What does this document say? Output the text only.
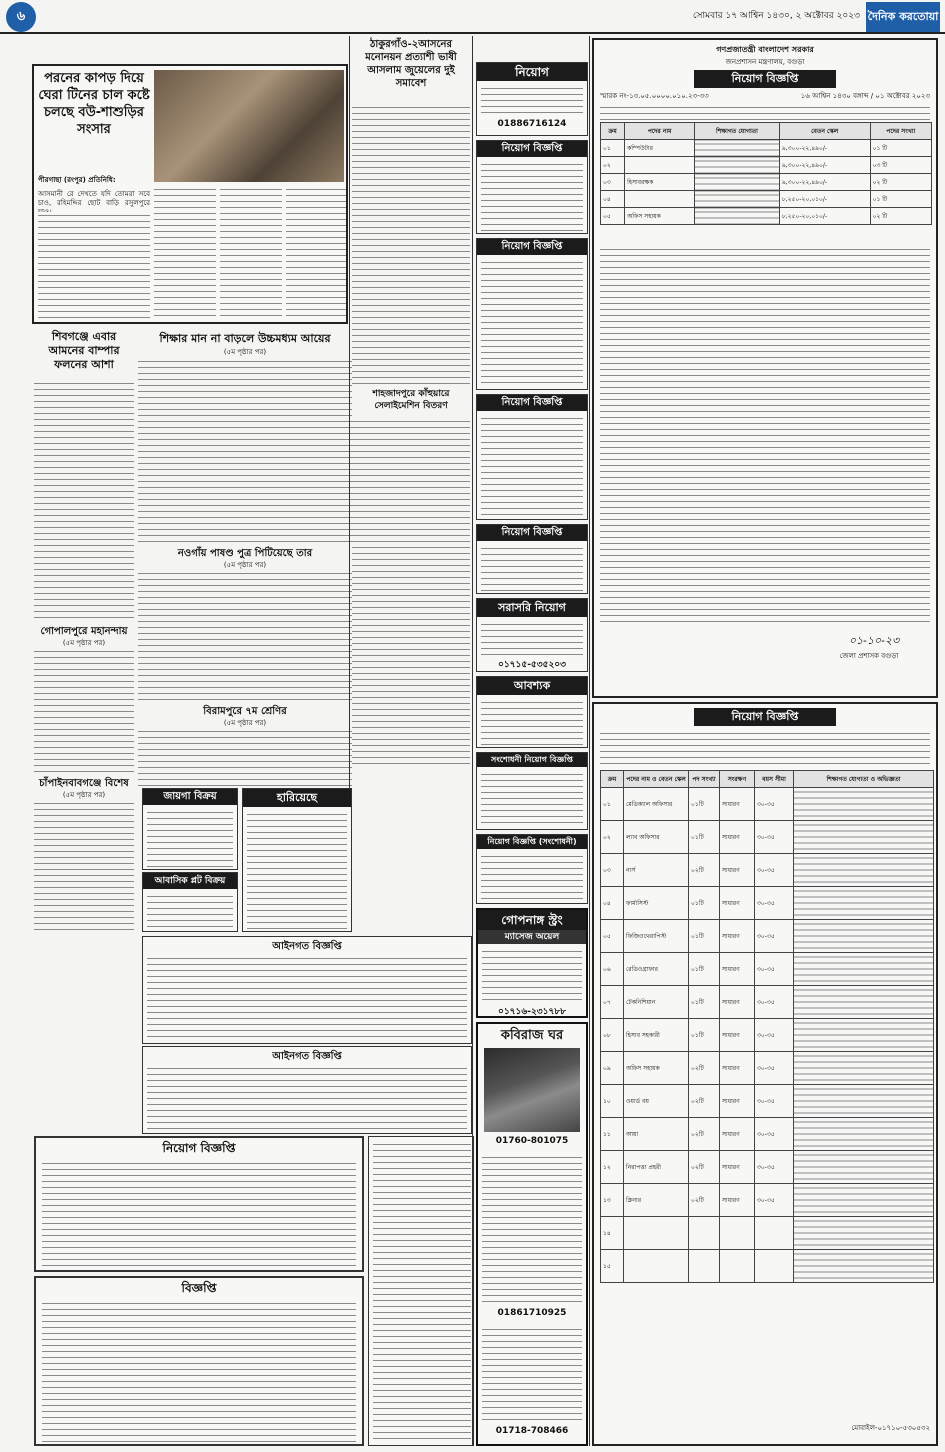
৬	সোমবার ১৭ আশ্বিন ১৪৩০, ২ অক্টোবর ২০২৩ দৈনিক করতোয়া
পরনের কাপড় দিয়ে ঘেরা টিনের চাল কষ্টে চলছে বউ-শাশুড়ির সংসার
পীরগাছা (রংপুর) প্রতিনিধি:
আসমানী রে দেখতে যদি তোমরা সবে চাও, রহিমদ্দির ছোট বাড়ি রসুলপুরে
ঠাকুরগাঁও-২আসনের মনোনয়ন প্রত্যাশী ভাষী আসলাম জুয়েলের দুই সমাবেশ
শিবগঞ্জে এবার আমনের বাম্পার ফলনের আশা
শিক্ষার মান না বাড়লে উচ্চমধ্যম আয়ের
(৫ম পৃষ্ঠার পর)
নওগাঁয় পাষণ্ড পুত্র পিটিয়েছে তার
(৫ম পৃষ্ঠার পর)
বিরামপুরে ৭ম শ্রেণির
(৫ম পৃষ্ঠার পর)
গোপালপুরে মহানন্দায়
(৫ম পৃষ্ঠার পর)
চাঁপাইনবাবগঞ্জে বিশেষ
(৫ম পৃষ্ঠার পর)	জায়গা বিক্রয়
আবাসিক প্লট বিক্রয়
হারিয়েছে
আইনগত বিজ্ঞপ্তি
আইনগত বিজ্ঞপ্তি
নিয়োগ বিজ্ঞপ্তি
বিজ্ঞপ্তি
শাহজাদপুরে কাঁহুয়ারে সেলাইমেশিন বিতরণ
নিয়োগ
01886716124
নিয়োগ বিজ্ঞপ্তি
নিয়োগ বিজ্ঞপ্তি
নিয়োগ বিজ্ঞপ্তি
নিয়োগ বিজ্ঞপ্তি
সরাসরি নিয়োগ
০১৭১৫-৫৩৫২০৩
আবশ্যক
সংশোধনী নিয়োগ বিজ্ঞপ্তি
নিয়োগ বিজ্ঞপ্তি (সংশোধনী)
গোপনাঙ্গ স্ট্রং
ম্যাসেজ অয়েল
০১৭১৬-২৩১৭৮৮
কবিরাজ ঘর
01760-801075
01861710925
01718-708466
গণপ্রজাতন্ত্রী বাংলাদেশ সরকার
জনপ্রশাসন মন্ত্রণালয়, বগুড়া
নিয়োগ বিজ্ঞপ্তি
স্মারক নং-১৩.০৫.০০০০.০১০.২৩-৩৩	১৬ আশ্বিন ১৪৩০ বঙ্গাব্দ / ০১ অক্টোবর ২০২৩
ক্রম	পদের নাম	শিক্ষাগত যোগ্যতা	বেতন স্কেল	পদের সংখ্যা
০১	কম্পিউটার		৯,৩০০-২২,৪৯০/-	০১ টি
০২			৯,৩০০-২২,৪৯০/-	০৩ টি
০৩	হিসাবরক্ষক		৯,৩০০-২২,৪৯০/-	০২ টি
০৪			৮,২৫০-২০,০১০/-	০১ টি
০৫	অফিস সহায়ক		৮,২৫০-২০,০১০/-	০২ টি
০১-১০-২৩
জেলা প্রশাসক বগুড়া
নিয়োগ বিজ্ঞপ্তি
ক্রম	পদের নাম ও বেতন স্কেল	পদ সংখ্যা	সংরক্ষণ	বয়স সীমা	শিক্ষাগত যোগ্যতা ও অভিজ্ঞতা
০১	মেডিক্যাল অফিসার	০১টি	সাধারণ	৩০-৩৫	
০২	ল্যাব অফিসার	০১টি	সাধারণ	৩০-৩৫	
০৩	নার্স	০২টি	সাধারণ	৩০-৩৫	
০৪	ফার্মাসিস্ট	০১টি	সাধারণ	৩০-৩৫	
০৫	ফিজিওথেরাপিস্ট	০১টি	সাধারণ	৩০-৩৫	
০৬	রেডিওগ্রাফার	০১টি	সাধারণ	৩০-৩৫	
০৭	টেকনিশিয়ান	০১টি	সাধারণ	৩০-৩৫	
০৮	হিসাব সহকারী	০১টি	সাধারণ	৩০-৩৫	
০৯	অফিস সহায়ক	০২টি	সাধারণ	৩০-৩৫	
১০	ওয়ার্ড বয়	০২টি	সাধারণ	৩০-৩৫	
১১	আয়া	০২টি	সাধারণ	৩০-৩৫	
১২	নিরাপত্তা প্রহরী	০২টি	সাধারণ	৩০-৩৫	
১৩	ক্লিনার	০২টি	সাধারণ	৩০-৩৫	
১৪					
১৫					
মোবাইল-০১৭১০-৫৩০৫৩২
